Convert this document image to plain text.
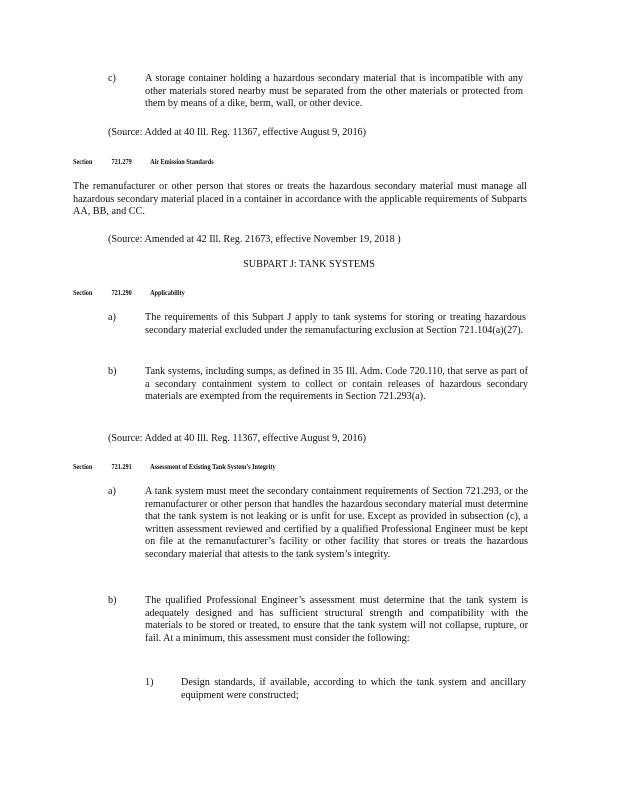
c)	A storage container holding a hazardous secondary material that is incompatible with any other materials stored nearby must be separated from the other materials or protected from them by means of a dike, berm, wall, or other device.
(Source: Added at 40 Ill. Reg. 11367, effective August 9, 2016)
Section	721.279 Air Emission Standards
The remanufacturer or other person that stores or treats the hazardous secondary material must manage all hazardous secondary material placed in a container in accordance with the applicable requirements of Subparts AA, BB, and CC.
(Source: Amended at 42 Ill. Reg. 21673, effective November 19, 2018 )
SUBPART J: TANK SYSTEMS
Section	721.290 Applicability
a)	The requirements of this Subpart J apply to tank systems for storing or treating hazardous secondary material excluded under the remanufacturing exclusion at Section 721.104(a)(27).
b)	Tank systems, including sumps, as defined in 35 Ill. Adm. Code 720.110, that serve as part of a secondary containment system to collect or contain releases of hazardous secondary materials are exempted from the requirements in Section 721.293(a).
(Source: Added at 40 Ill. Reg. 11367, effective August 9, 2016)
Section	721.291 Assessment of Existing Tank System’s Integrity
a)	A tank system must meet the secondary containment requirements of Section 721.293, or the remanufacturer or other person that handles the hazardous secondary material must determine that the tank system is not leaking or is unfit for use. Except as provided in subsection (c), a written assessment reviewed and certified by a qualified Professional Engineer must be kept on file at the remanufacturer’s facility or other facility that stores or treats the hazardous secondary material that attests to the tank system’s integrity.
b)	The qualified Professional Engineer’s assessment must determine that the tank system is adequately designed and has sufficient structural strength and compatibility with the materials to be stored or treated, to ensure that the tank system will not collapse, rupture, or fail. At a minimum, this assessment must consider the following:
1)	Design standards, if available, according to which the tank system and ancillary equipment were constructed;
